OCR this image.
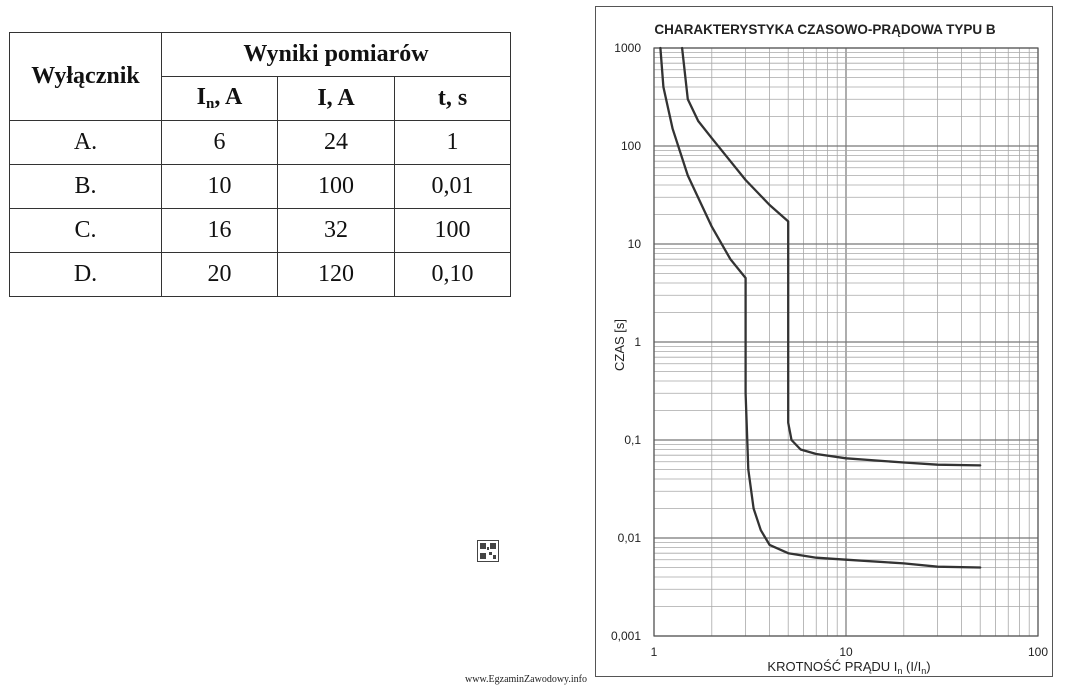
Wyłącznik	Wyniki pomiarów		
	In, A	I, A	t, s
A.	6	24	1
B.	10	100	0,01
C.	16	32	100
D.	20	120	0,10
CHARAKTERYSTYKA CZASOWO-PRĄDOWA TYPU B
1000
100
10
1
0,1
0,01
0,001
1	10	100
CZAS [s]
KROTNOŚĆ PRĄDU $I_n$ $(I/I_n)$
www.EgzaminZawodowy.info
